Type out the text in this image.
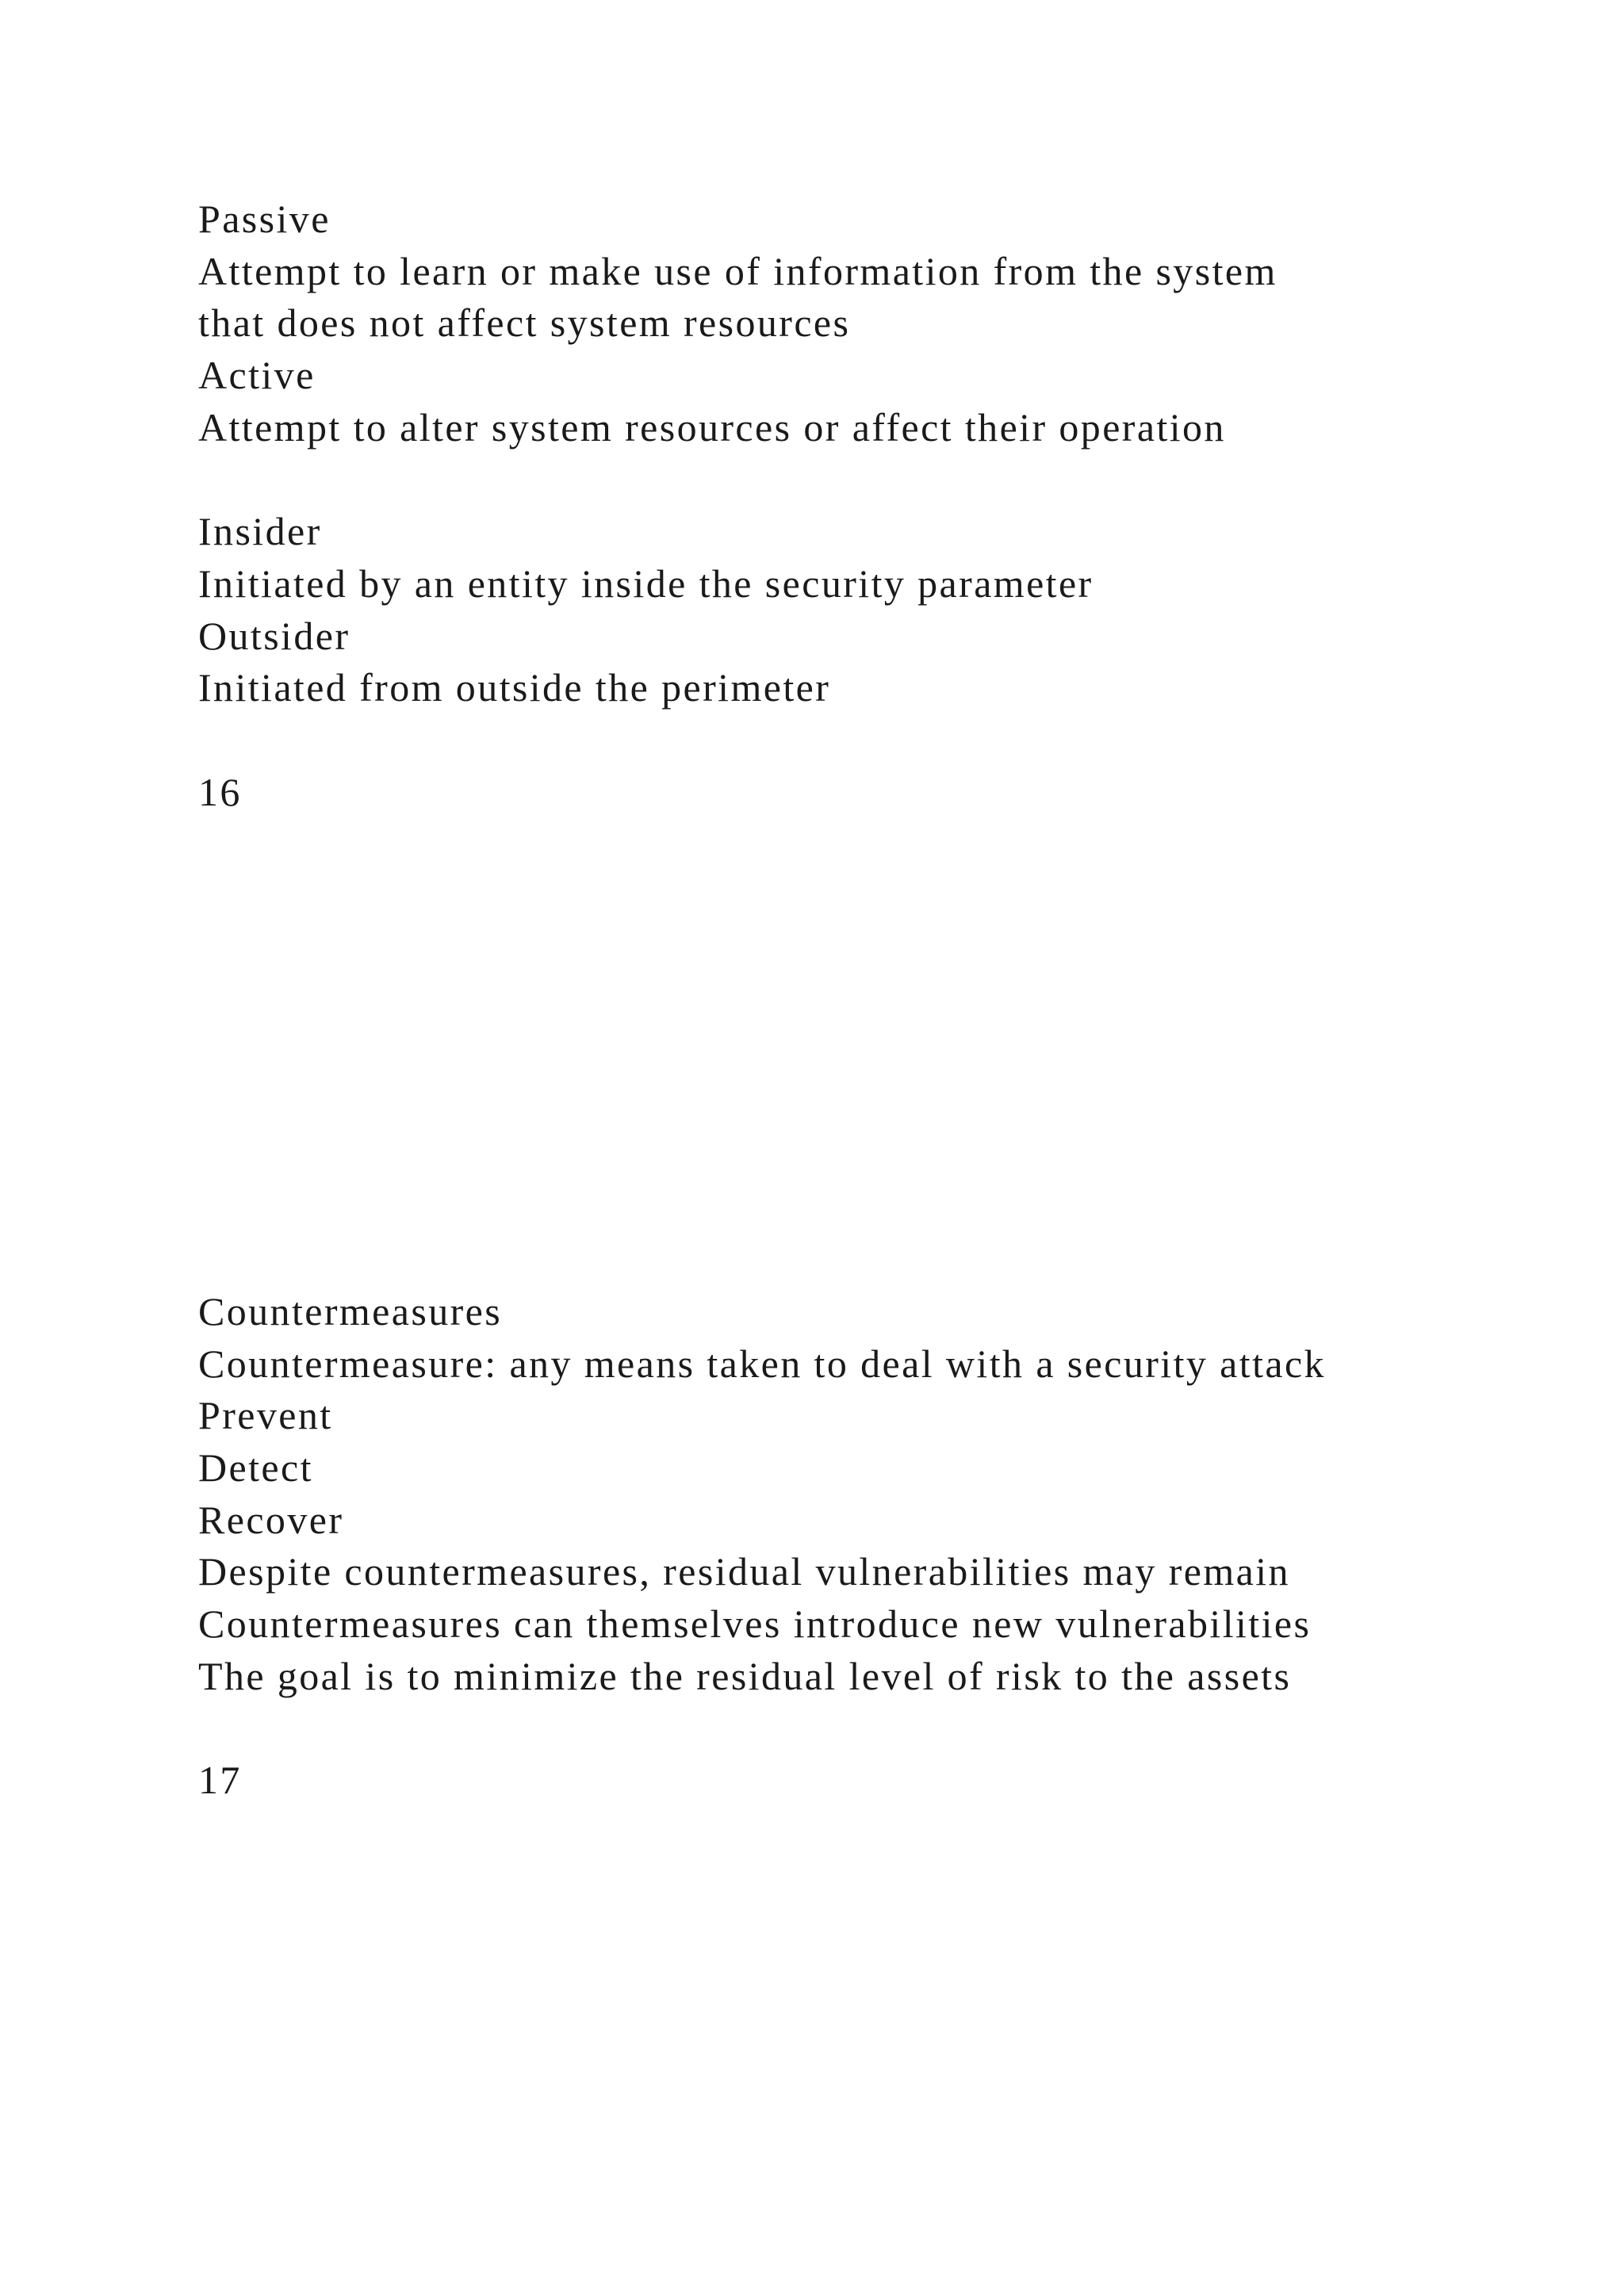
Passive
Attempt to learn or make use of information from the system
that does not affect system resources
Active
Attempt to alter system resources or affect their operation
Insider
Initiated by an entity inside the security parameter
Outsider
Initiated from outside the perimeter
16
Countermeasures
Countermeasure: any means taken to deal with a security attack
Prevent
Detect
Recover
Despite countermeasures, residual vulnerabilities may remain
Countermeasures can themselves introduce new vulnerabilities
The goal is to minimize the residual level of risk to the assets
17
